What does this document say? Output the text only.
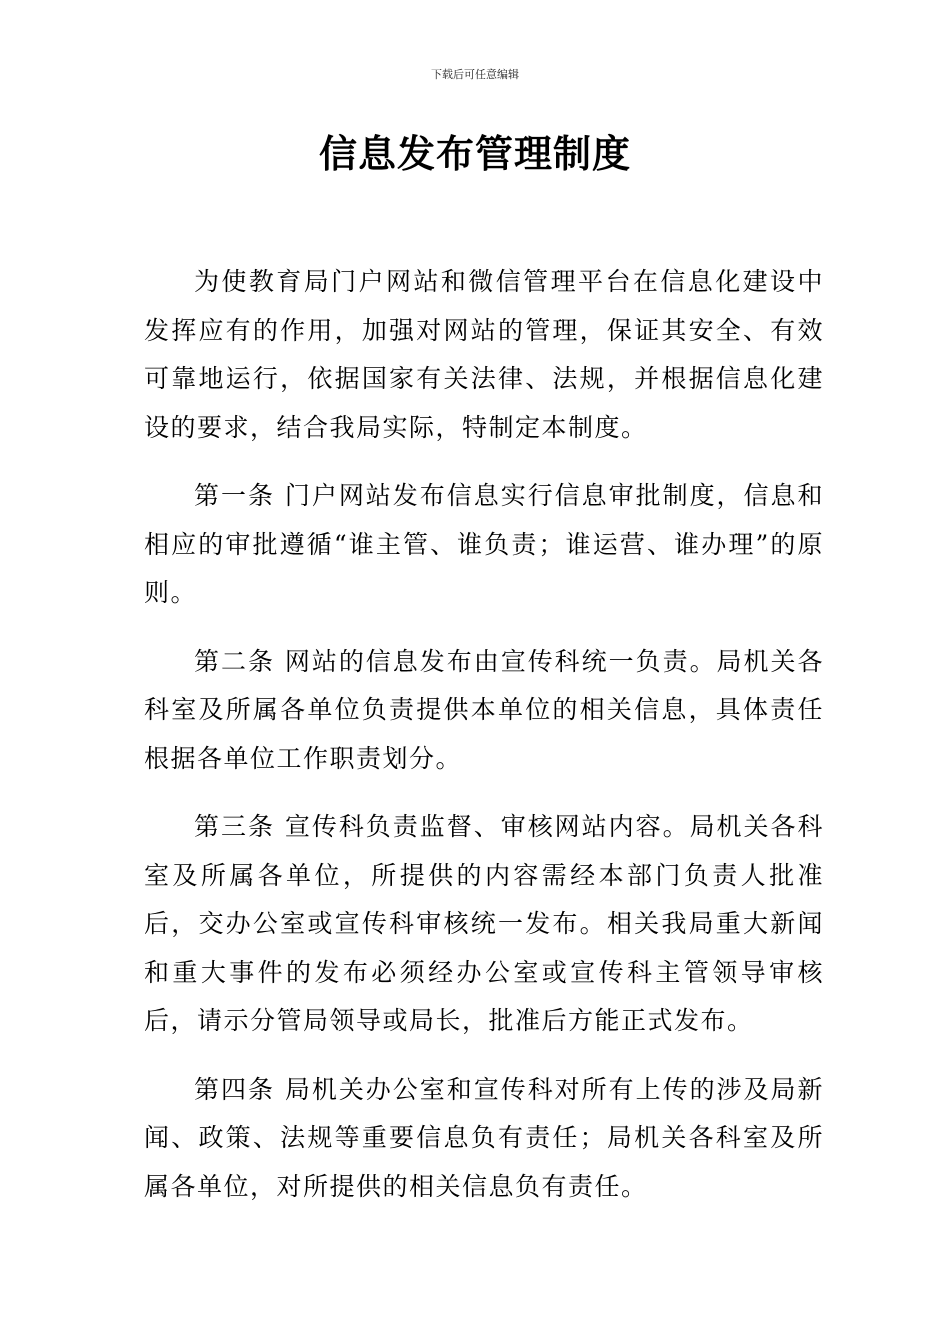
下载后可任意编辑
信息发布管理制度

为使教育局门户网站和微信管理平台在信息化建设中发挥应有的作用，加强对网站的管理，保证其安全、有效可靠地运行，依据国家有关法律、法规，并根据信息化建设的要求，结合我局实际，特制定本制度。

第一条 门户网站发布信息实行信息审批制度，信息和相应的审批遵循“谁主管、谁负责；谁运营、谁办理”的原则。

第二条 网站的信息发布由宣传科统一负责。局机关各科室及所属各单位负责提供本单位的相关信息，具体责任根据各单位工作职责划分。

第三条 宣传科负责监督、审核网站内容。局机关各科室及所属各单位，所提供的内容需经本部门负责人批准后，交办公室或宣传科审核统一发布。相关我局重大新闻和重大事件的发布必须经办公室或宣传科主管领导审核后，请示分管局领导或局长，批准后方能正式发布。

第四条 局机关办公室和宣传科对所有上传的涉及局新闻、政策、法规等重要信息负有责任；局机关各科室及所属各单位，对所提供的相关信息负有责任。
